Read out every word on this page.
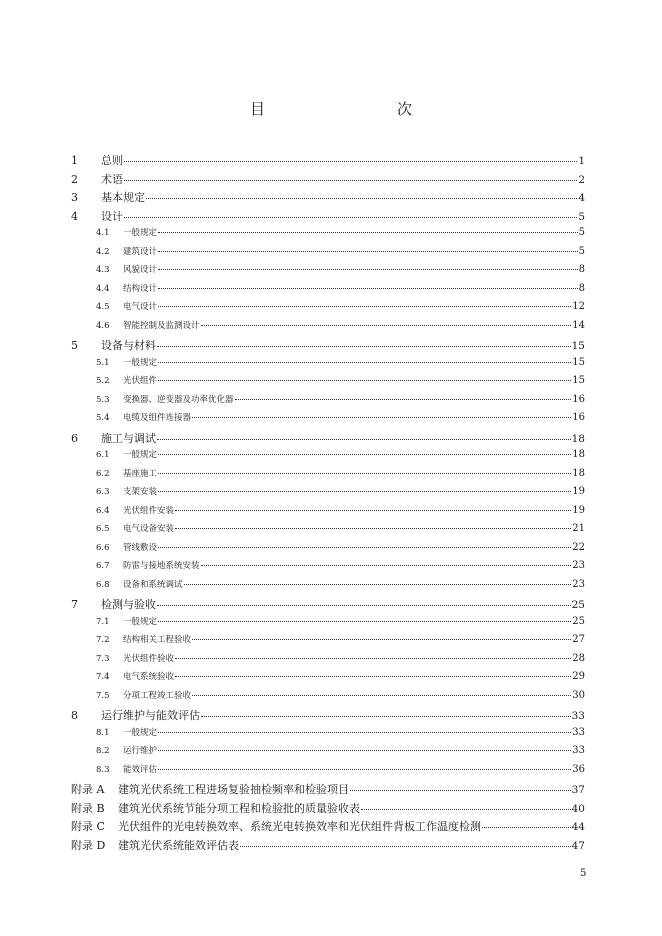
目　　次
1	总则	1
2	术语	2
3	基本规定	4
4	设计	5
4.1	一般规定	5
4.2	建筑设计	5
4.3	风貌设计	8
4.4	结构设计	8
4.5	电气设计	12
4.6	智能控制及监测设计	14
5	设备与材料	15
5.1	一般规定	15
5.2	光伏组件	15
5.3	变换器、逆变器及功率优化器	16
5.4	电缆及组件连接器	16
6	施工与调试	18
6.1	一般规定	18
6.2	基座施工	18
6.3	支架安装	19
6.4	光伏组件安装	19
6.5	电气设备安装	21
6.6	管线敷设	22
6.7	防雷与接地系统安装	23
6.8	设备和系统调试	23
7	检测与验收	25
7.1	一般规定	25
7.2	结构相关工程验收	27
7.3	光伏组件验收	28
7.4	电气系统验收	29
7.5	分项工程竣工验收	30
8	运行维护与能效评估	33
8.1	一般规定	33
8.2	运行维护	33
8.3	能效评估	36
附录 A	建筑光伏系统工程进场复验抽检频率和检验项目	37
附录 B	建筑光伏系统节能分项工程和检验批的质量验收表	40
附录 C	光伏组件的光电转换效率、系统光电转换效率和光伏组件背板工作温度检测	44
附录 D	建筑光伏系统能效评估表	47
5
